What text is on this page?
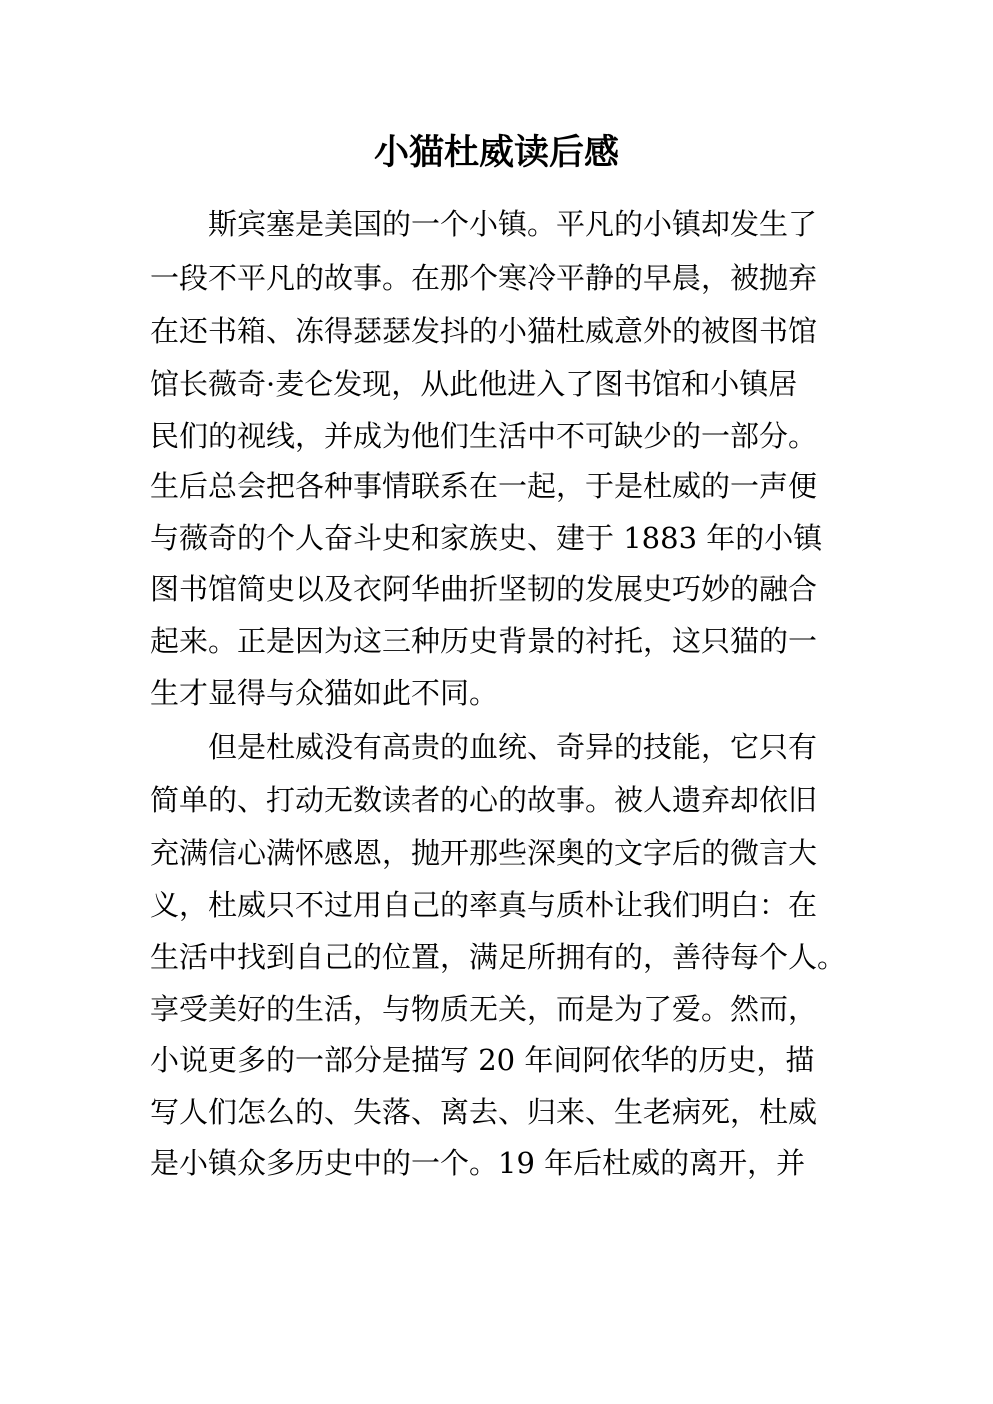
小猫杜威读后感

斯宾塞是美国的一个小镇。平凡的小镇却发生了

一段不平凡的故事。在那个寒冷平静的早晨，被抛弃

在还书箱、冻得瑟瑟发抖的小猫杜威意外的被图书馆

馆长薇奇·麦仑发现，从此他进入了图书馆和小镇居

民们的视线，并成为他们生活中不可缺少的一部分。

生后总会把各种事情联系在一起，于是杜威的一声便

与薇奇的个人奋斗史和家族史、建于 1883 年的小镇

图书馆简史以及衣阿华曲折坚韧的发展史巧妙的融合

起来。正是因为这三种历史背景的衬托，这只猫的一

生才显得与众猫如此不同。

但是杜威没有高贵的血统、奇异的技能，它只有

简单的、打动无数读者的心的故事。被人遗弃却依旧

充满信心满怀感恩，抛开那些深奥的文字后的微言大

义，杜威只不过用自己的率真与质朴让我们明白：在

生活中找到自己的位置，满足所拥有的，善待每个人。

享受美好的生活，与物质无关，而是为了爱。然而，

小说更多的一部分是描写 20 年间阿依华的历史，描

写人们怎么的、失落、离去、归来、生老病死，杜威

是小镇众多历史中的一个。19 年后杜威的离开，并
